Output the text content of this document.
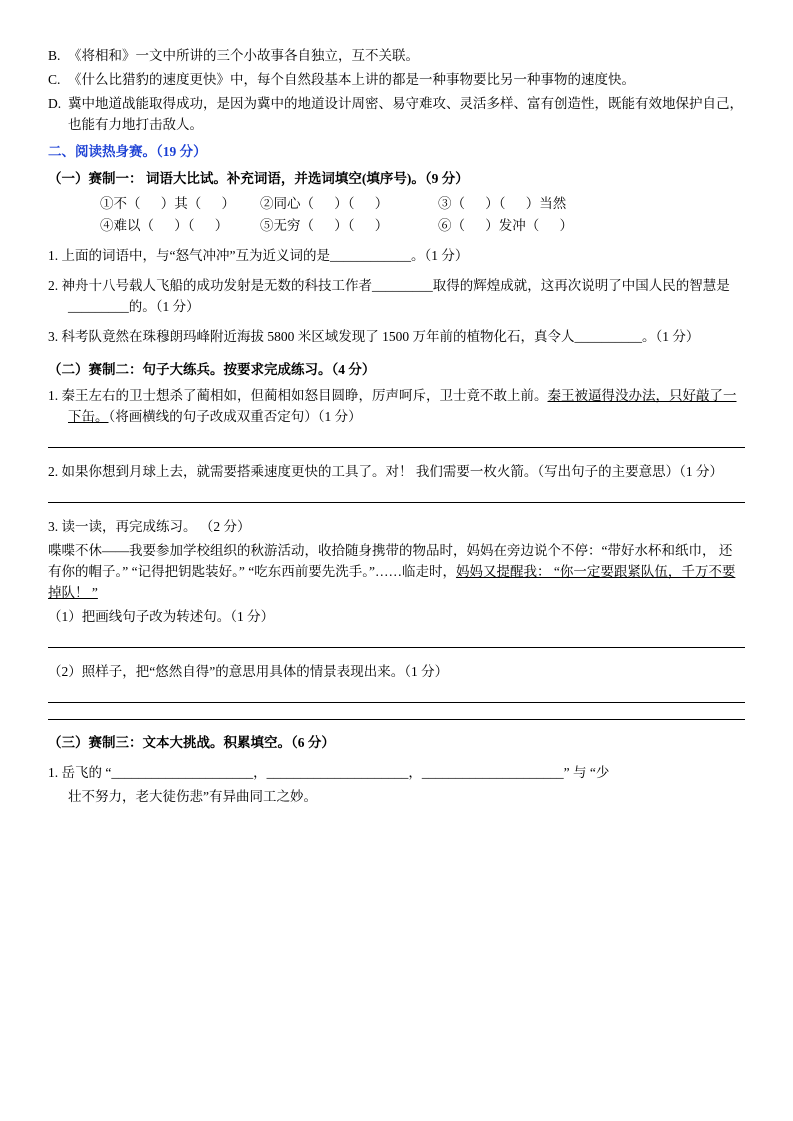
B. 《将相和》一文中所讲的三个小故事各自独立，互不关联。
C. 《什么比猎豹的速度更快》中，每个自然段基本上讲的都是一种事物要比另一种事物的速度快。
D. 冀中地道战能取得成功，是因为冀中的地道设计周密、易守难攻、灵活多样、富有创造性，既能有效地保护自己，也能有力地打击敌人。
二、阅读热身赛。（19 分）
（一）赛制一： 词语大比试。补充词语，并选词填空(填序号)。（9 分）
①不（      ）其（      ）	②同心（      ）（      ）	③（      ）（      ）当然
④难以（      ）（      ）	⑤无穷（      ）（      ）	⑥（      ）发冲（      ）
1. 上面的词语中，与“怒气冲冲”互为近义词的是____________。（1 分）
2. 神舟十八号载人飞船的成功发射是无数的科技工作者_________取得的辉煌成就，这再次说明了中国人民的智慧是_________的。（1 分）
3. 科考队竟然在珠穆朗玛峰附近海拔 5800 米区域发现了 1500 万年前的植物化石，真令人__________。（1 分）
（二）赛制二：句子大练兵。按要求完成练习。（4 分）
1. 秦王左右的卫士想杀了蔺相如，但蔺相如怒目圆睁，厉声呵斥，卫士竟不敢上前。秦王被逼得没办法，只好敲了一下缶。（将画横线的句子改成双重否定句）（1 分）
2. 如果你想到月球上去，就需要搭乘速度更快的工具了。对！ 我们需要一枚火箭。（写出句子的主要意思）（1 分）
3. 读一读，再完成练习。 （2 分）
喋喋不休——我要参加学校组织的秋游活动，收拾随身携带的物品时，妈妈在旁边说个不停：“带好水杯和纸巾， 还有你的帽子。” “记得把钥匙装好。” “吃东西前要先洗手。”……临走时，妈妈又提醒我： “你一定要跟紧队伍，千万不要掉队！ ”
（1）把画线句子改为转述句。（1 分）
（2）照样子，把“悠然自得”的意思用具体的情景表现出来。（1 分）
（三）赛制三：文本大挑战。积累填空。（6 分）
1. 岳飞的 “_____________________，_____________________，_____________________” 与 “少
壮不努力，老大徒伤悲”有异曲同工之妙。
